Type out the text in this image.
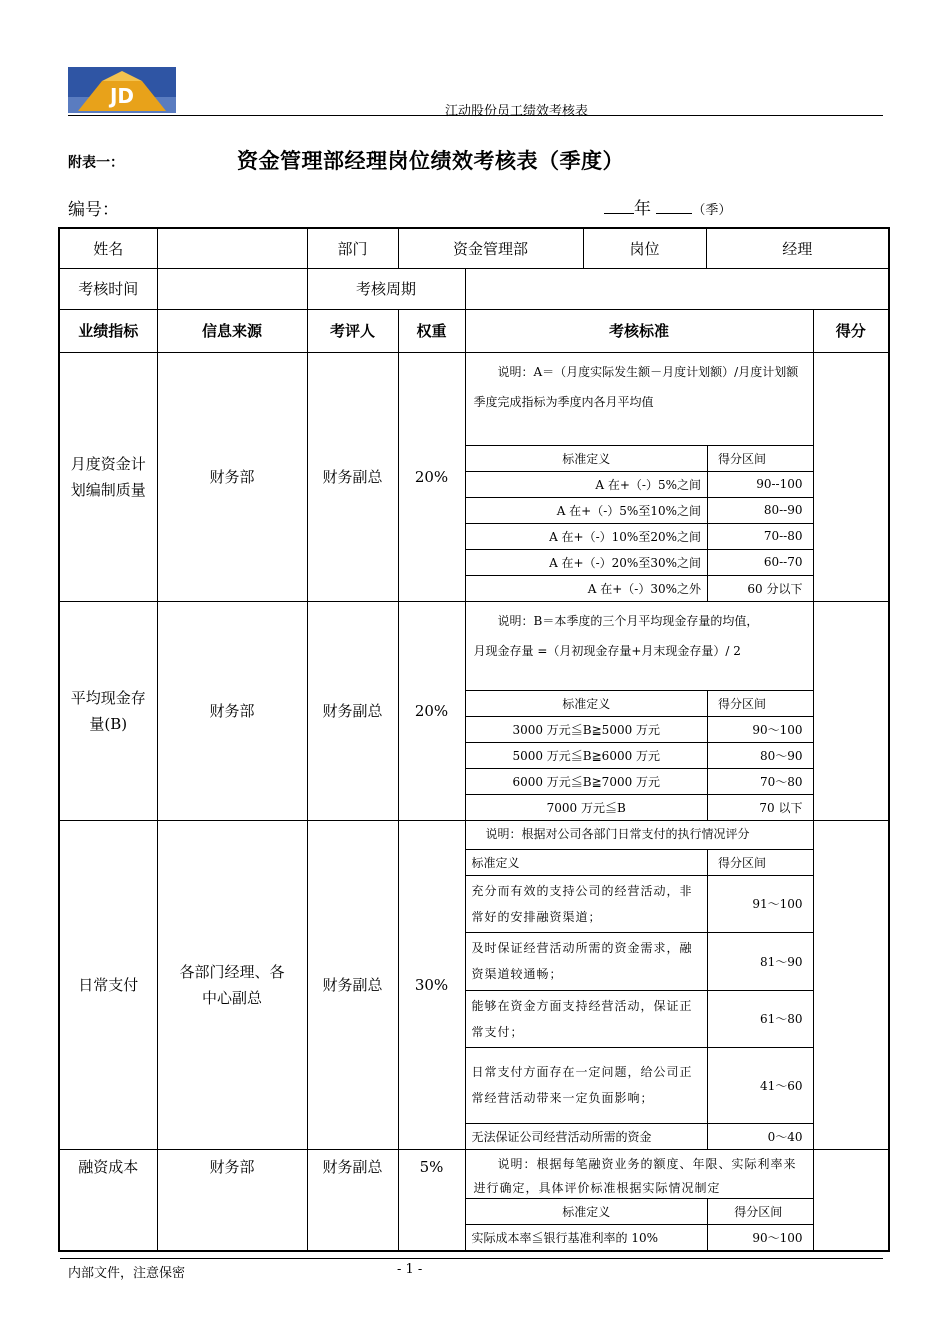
JD
江动股份员工绩效考核表
附表一：	资金管理部经理岗位绩效考核表（季度）
编号：	年	（季）
姓名		部门	资金管理部	岗位	经理
考核时间		考核周期	
业绩指标	信息来源	考评人	权重	考核标准	得分
月度资金计划编制质量	财务部	财务副总	20%	

说明：A＝（月度实际发生额－月度计划额）/月度计划额　　　季度完成指标为季度内各月平均值

标准定义	得分区间
A 在+（-）5%之间	90--100
A 在+（-）5%至10%之间	80--90
A 在+（-）10%至20%之间	70--80
A 在+（-）20%至30%之间	60--70
A 在+（-）30%之外	60 分以下

平均现金存量(B)	财务部	财务副总	20%	

说明：B＝本季度的三个月平均现金存量的均值，

月现金存量 =（月初现金存量+月末现金存量）/ 2

标准定义	得分区间
3000 万元≦B≧5000 万元	90～100
5000 万元≦B≧6000 万元	80～90
6000 万元≦B≧7000 万元	70～80
7000 万元≦B	70 以下

日常支付	各部门经理、各中心副总	财务副总	30%	

说明：根据对公司各部门日常支付的执行情况评分

标准定义	得分区间
充分而有效的支持公司的经营活动，非常好的安排融资渠道；	91～100
及时保证经营活动所需的资金需求，融资渠道较通畅；	81～90
能够在资金方面支持经营活动，保证正常支付；	61～80
日常支付方面存在一定问题，给公司正常经营活动带来一定负面影响；	41～60
无法保证公司经营活动所需的资金	0～40

融资成本	财务部	财务副总	5%	说明：根据每笔融资业务的额度、年限、实际利率来进行确定，具体评价标准根据实际情况制定

标准定义	得分区间
实际成本率≦银行基准利率的 10%	90～100

内部文件，注意保密	- 1 -
